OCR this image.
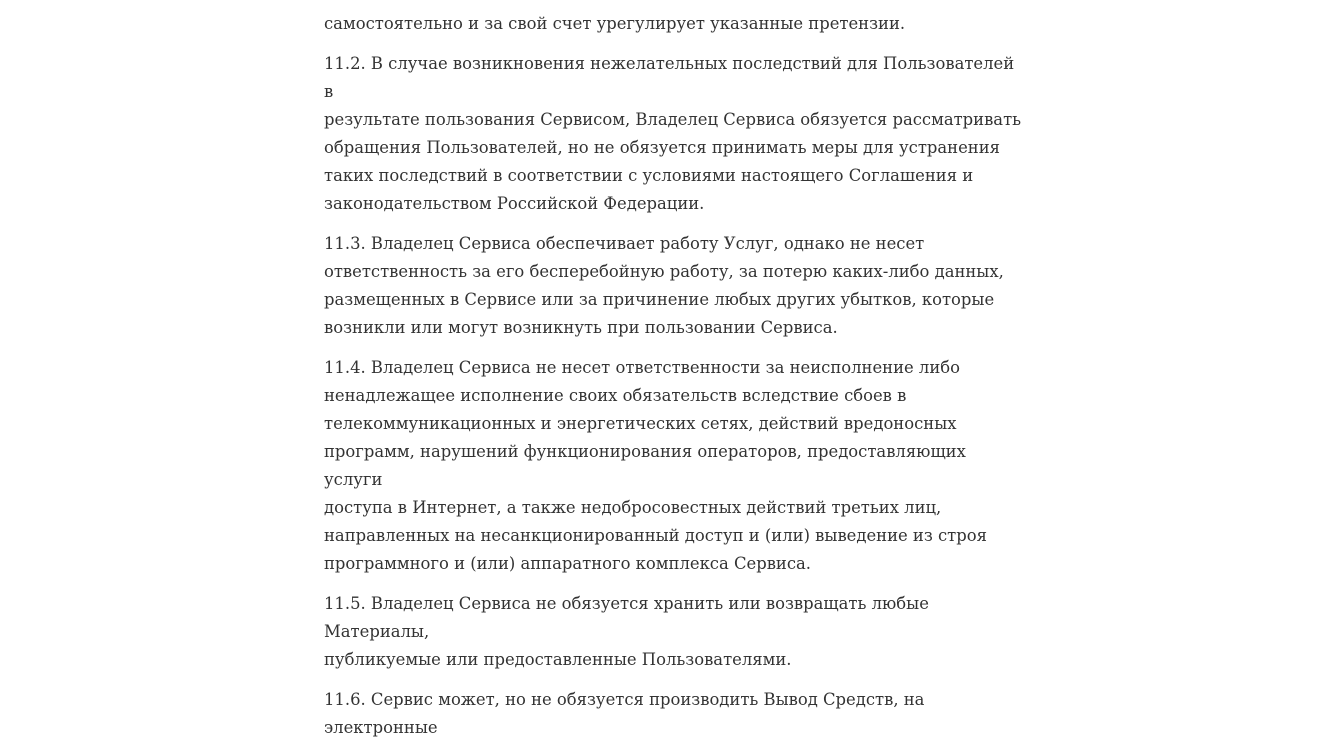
самостоятельно и за свой счет урегулирует указанные претензии.

11.2. В случае возникновения нежелательных последствий для Пользователей в
результате пользования Сервисом, Владелец Сервиса обязуется рассматривать
обращения Пользователей, но не обязуется принимать меры для устранения
таких последствий в соответствии с условиями настоящего Соглашения и
законодательством Российской Федерации.

11.3. Владелец Сервиса обеспечивает работу Услуг, однако не несет
ответственность за его бесперебойную работу, за потерю каких-либо данных,
размещенных в Сервисе или за причинение любых других убытков, которые
возникли или могут возникнуть при пользовании Сервиса.

11.4. Владелец Сервиса не несет ответственности за неисполнение либо
ненадлежащее исполнение своих обязательств вследствие сбоев в
телекоммуникационных и энергетических сетях, действий вредоносных
программ, нарушений функционирования операторов, предоставляющих услуги
доступа в Интернет, а также недобросовестных действий третьих лиц,
направленных на несанкционированный доступ и (или) выведение из строя
программного и (или) аппаратного комплекса Сервиса.

11.5. Владелец Сервиса не обязуется хранить или возвращать любые Материалы,
публикуемые или предоставленные Пользователями.

11.6. Сервис может, но не обязуется производить Вывод Средств, на электронные
